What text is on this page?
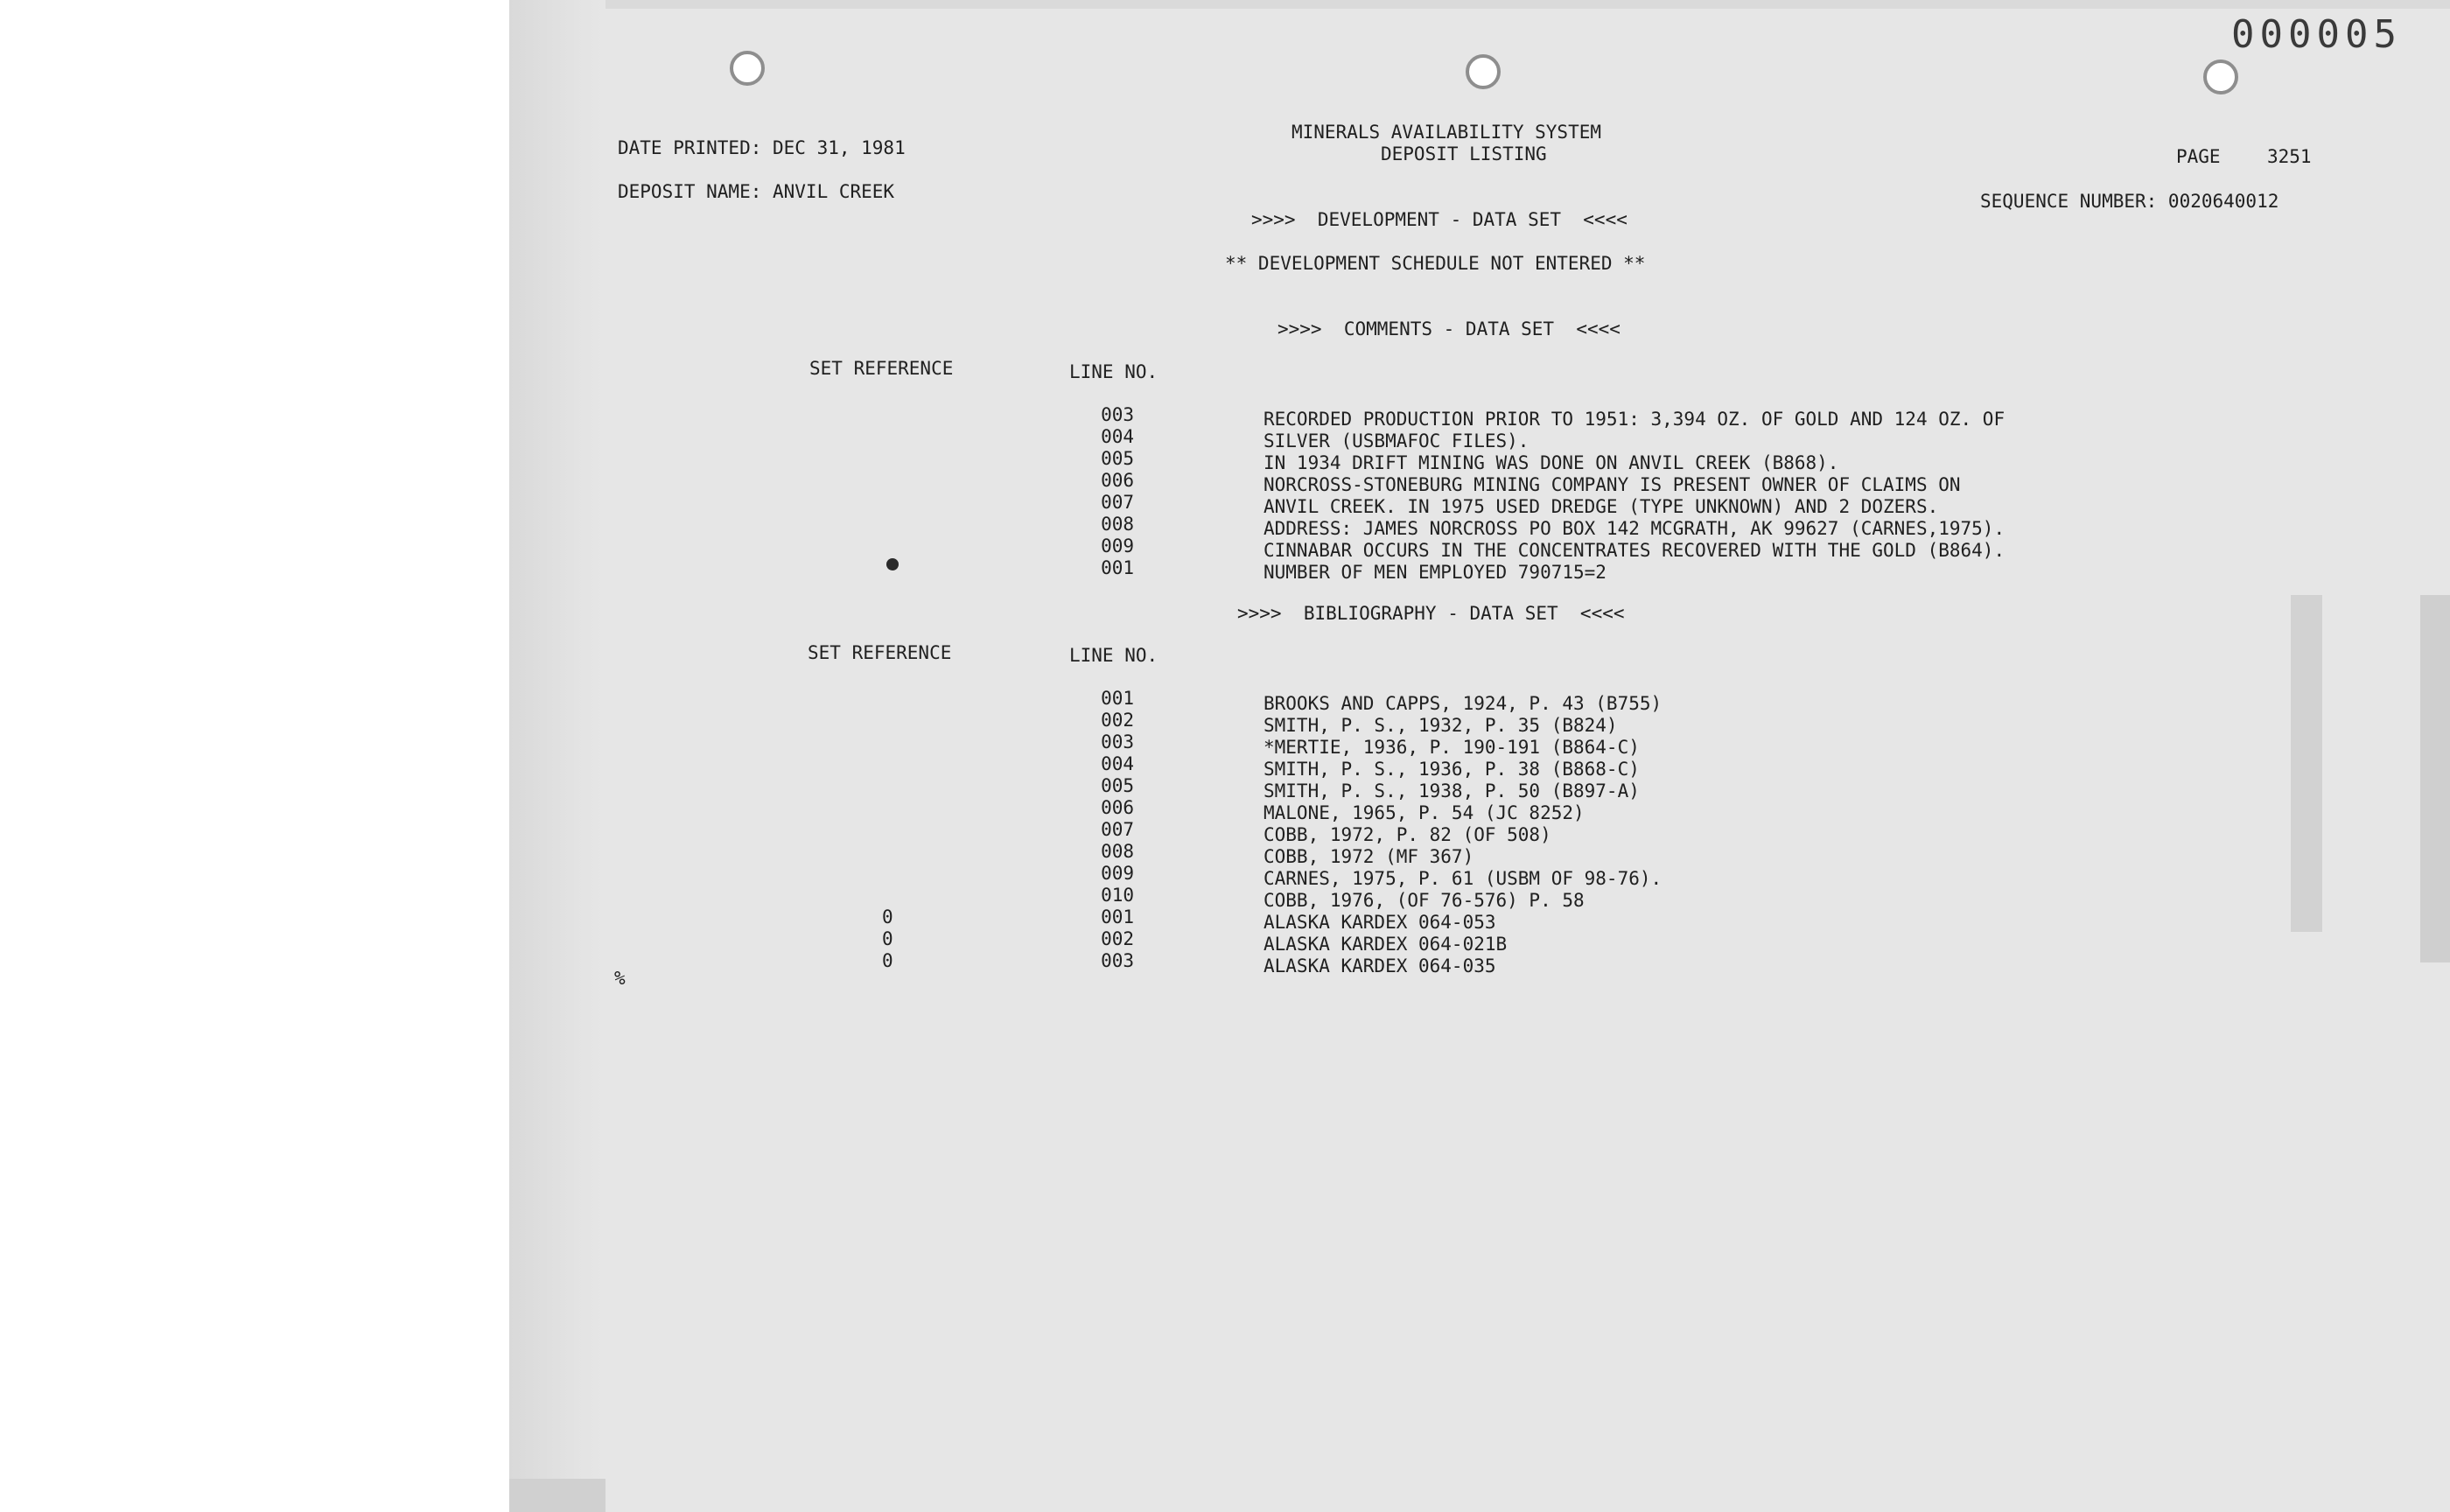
000005
DATE PRINTED: DEC 31, 1981
DEPOSIT NAME: ANVIL CREEK
MINERALS AVAILABILITY SYSTEM
DEPOSIT LISTING	PAGE	3251
SEQUENCE NUMBER: 0020640012
>>>>  DEVELOPMENT - DATA SET  <<<<
** DEVELOPMENT SCHEDULE NOT ENTERED **
>>>>  COMMENTS - DATA SET  <<<<
SET REFERENCE	LINE NO.
003	RECORDED PRODUCTION PRIOR TO 1951: 3,394 OZ. OF GOLD AND 124 OZ. OF
004	SILVER (USBMAFOC FILES).
005	IN 1934 DRIFT MINING WAS DONE ON ANVIL CREEK (B868).
006	NORCROSS-STONEBURG MINING COMPANY IS PRESENT OWNER OF CLAIMS ON
007	ANVIL CREEK. IN 1975 USED DREDGE (TYPE UNKNOWN) AND 2 DOZERS.
008	ADDRESS: JAMES NORCROSS PO BOX 142 MCGRATH, AK 99627 (CARNES,1975).
009	CINNABAR OCCURS IN THE CONCENTRATES RECOVERED WITH THE GOLD (B864).
001	NUMBER OF MEN EMPLOYED 790715=2
>>>>  BIBLIOGRAPHY - DATA SET  <<<<
SET REFERENCE	LINE NO.
001	BROOKS AND CAPPS, 1924, P. 43 (B755)
002	SMITH, P. S., 1932, P. 35 (B824)
003	*MERTIE, 1936, P. 190-191 (B864-C)
004	SMITH, P. S., 1936, P. 38 (B868-C)
005	SMITH, P. S., 1938, P. 50 (B897-A)
006	MALONE, 1965, P. 54 (JC 8252)
007	COBB, 1972, P. 82 (OF 508)
008	COBB, 1972 (MF 367)
009	CARNES, 1975, P. 61 (USBM OF 98-76).
010	COBB, 1976, (OF 76-576) P. 58
0	001	ALASKA KARDEX 064-053
0	002	ALASKA KARDEX 064-021B
0	003	ALASKA KARDEX 064-035
%
